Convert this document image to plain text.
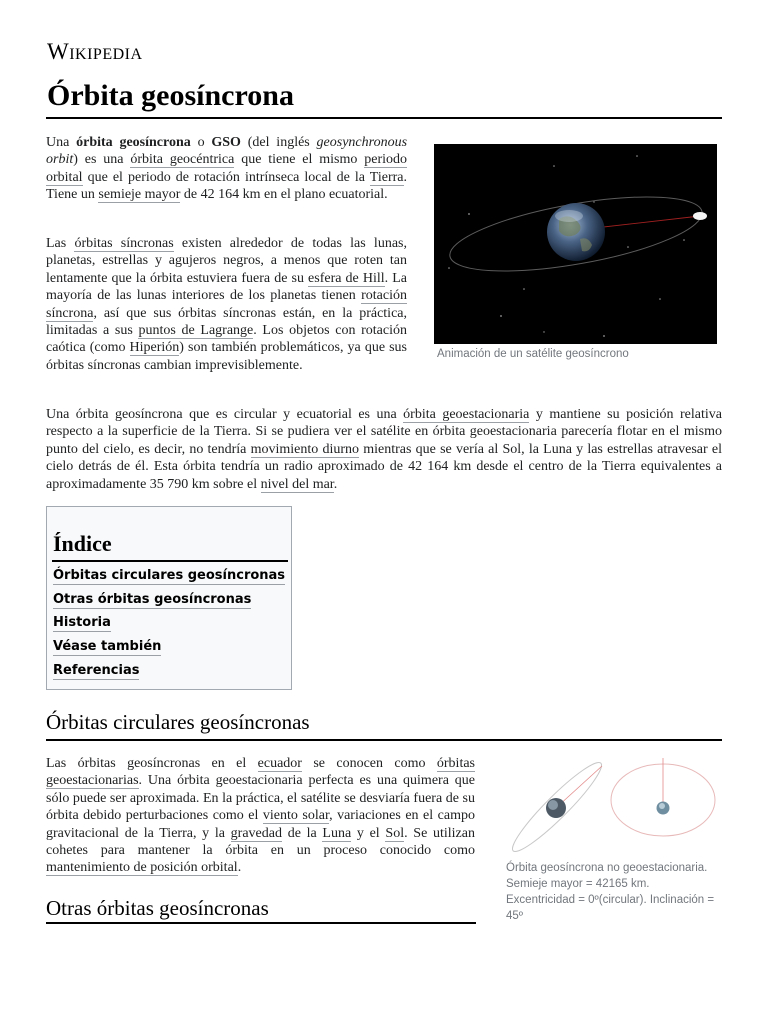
Wikipedia
Órbita geosíncrona

Una órbita geosíncrona o GSO (del inglés geosynchronous orbit) es una órbita geocéntrica que tiene el mismo periodo orbital que el periodo de rotación intrínseca local de la Tierra. Tiene un semieje mayor de 42 164 km en el plano ecuatorial.

Las órbitas síncronas existen alrededor de todas las lunas, planetas, estrellas y agujeros negros, a menos que roten tan lentamente que la órbita estuviera fuera de su esfera de Hill. La mayoría de las lunas interiores de los planetas tienen rotación síncrona, así que sus órbitas síncronas están, en la práctica, limitadas a sus puntos de Lagrange. Los objetos con rotación caótica (como Hiperión) son también problemáticos, ya que sus órbitas síncronas cambian imprevisiblemente.

Animación de un satélite geosíncrono

Una órbita geosíncrona que es circular y ecuatorial es una órbita geoestacionaria y mantiene su posición relativa respecto a la superficie de la Tierra. Si se pudiera ver el satélite en órbita geoestacionaria parecería flotar en el mismo punto del cielo, es decir, no tendría movimiento diurno mientras que se vería al Sol, la Luna y las estrellas atravesar el cielo detrás de él. Esta órbita tendría un radio aproximado de 42 164 km desde el centro de la Tierra equivalentes a aproximadamente 35 790 km sobre el nivel del mar.

Índice
Órbitas circulares geosíncronas
Otras órbitas geosíncronas
Historia
Véase también
Referencias
Órbitas circulares geosíncronas

Las órbitas geosíncronas en el ecuador se conocen como órbitas geoestacionarias. Una órbita geoestacionaria perfecta es una quimera que sólo puede ser aproximada. En la práctica, el satélite se desviaría fuera de su órbita debido perturbaciones como el viento solar, variaciones en el campo gravitacional de la Tierra, y la gravedad de la Luna y el Sol. Se utilizan cohetes para mantener la órbita en un proceso conocido como mantenimiento de posición orbital.	Órbita geosíncrona no geoestacionaria. Semieje mayor = 42165 km. Excentricidad = 0º(circular). Inclinación = 45º
Otras órbitas geosíncronas
